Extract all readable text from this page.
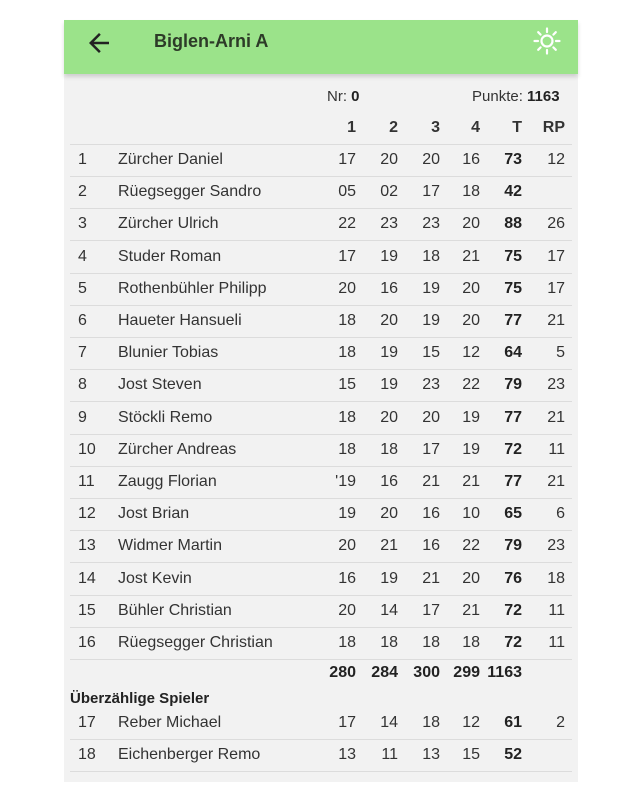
Biglen-Arni A
Nr: 0	Punkte: 1163
1 2 3 4 T RP
1 Zürcher Daniel	17 20 20 16 73 12
2 Rüegsegger Sandro	05 02 17 18 42
3 Zürcher Ulrich	22 23 23 20 88 26
4 Studer Roman	17 19 18 21 75 17
5 Rothenbühler Philipp	20 16 19 20 75 17
6 Haueter Hansueli	18 20 19 20 77 21
7 Blunier Tobias	18 19 15 12 64 5
8 Jost Steven	15 19 23 22 79 23
9 Stöckli Remo	18 20 20 19 77 21
10 Zürcher Andreas	18 18 17 19 72 11
11 Zaugg Florian	'19 16 21 21 77 21
12 Jost Brian	19 20 16 10 65 6
13 Widmer Martin	20 21 16 22 79 23
14 Jost Kevin	16 19 21 20 76 18
15 Bühler Christian	20 14 17 21 72 11
16 Rüegsegger Christian	18 18 18 18 72 11
280 284 300 299 1163
Überzählige Spieler
17 Reber Michael	17 14 18 12 61 2
18 Eichenberger Remo	13 11 13 15 52
